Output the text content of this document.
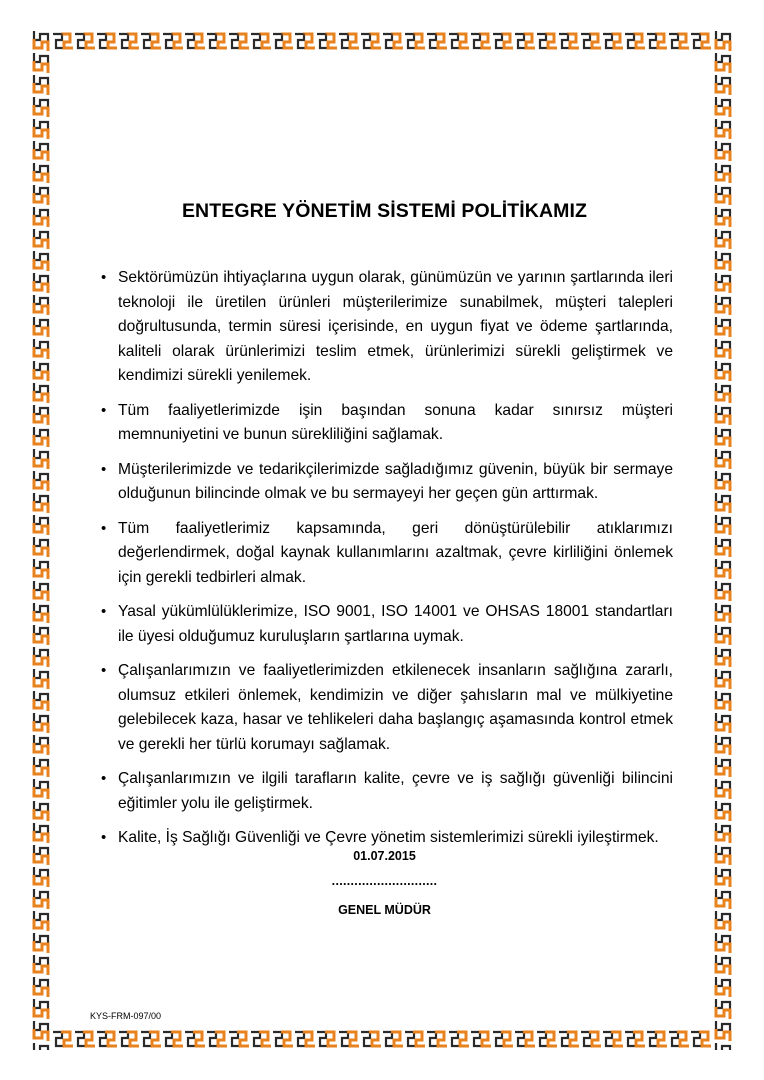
ENTEGRE YÖNETİM SİSTEMİ POLİTİKAMIZ
• Sektörümüzün ihtiyaçlarına uygun olarak, günümüzün ve yarının şartlarında ileri teknoloji ile üretilen ürünleri müşterilerimize sunabilmek, müşteri talepleri doğrultusunda, termin süresi içerisinde, en uygun fiyat ve ödeme şartlarında, kaliteli olarak ürünlerimizi teslim etmek, ürünlerimizi sürekli geliştirmek ve kendimizi sürekli yenilemek.
• Tüm faaliyetlerimizde işin başından sonuna kadar sınırsız müşteri memnuniyetini ve bunun sürekliliğini sağlamak.
• Müşterilerimizde ve tedarikçilerimizde sağladığımız güvenin, büyük bir sermaye olduğunun bilincinde olmak ve bu sermayeyi her geçen gün arttırmak.
• Tüm faaliyetlerimiz kapsamında, geri dönüştürülebilir atıklarımızı değerlendirmek, doğal kaynak kullanımlarını azaltmak, çevre kirliliğini önlemek için gerekli tedbirleri almak.
• Yasal yükümlülüklerimize, ISO 9001, ISO 14001 ve OHSAS 18001 standartları ile üyesi olduğumuz kuruluşların şartlarına uymak.
• Çalışanlarımızın ve faaliyetlerimizden etkilenecek insanların sağlığına zararlı, olumsuz etkileri önlemek, kendimizin ve diğer şahısların mal ve mülkiyetine gelebilecek kaza, hasar ve tehlikeleri daha başlangıç aşamasında kontrol etmek ve gerekli her türlü korumayı sağlamak.
• Çalışanlarımızın ve ilgili tarafların kalite, çevre ve iş sağlığı güvenliği bilincini eğitimler yolu ile geliştirmek.
• Kalite, İş Sağlığı Güvenliği ve Çevre yönetim sistemlerimizi sürekli iyileştirmek.

01.07.2015

............................

GENEL MÜDÜR

KYS-FRM-097/00
